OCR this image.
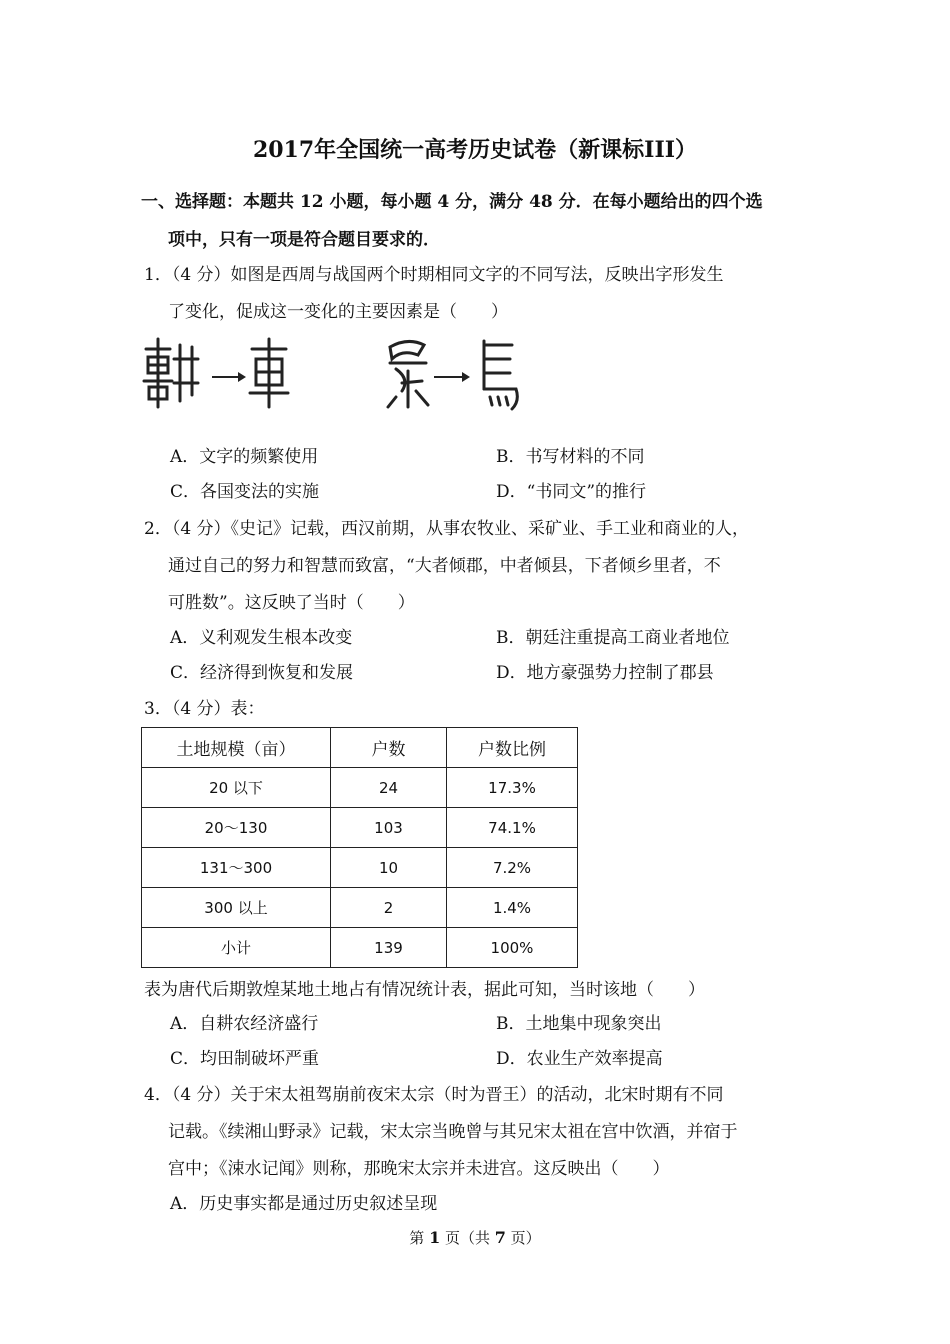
2017年全国统一高考历史试卷（新课标III）
一、选择题：本题共 12 小题，每小题 4 分，满分 48 分．在每小题给出的四个选
项中，只有一项是符合题目要求的．
1．（4 分）如图是西周与战国两个时期相同文字的不同写法，反映出字形发生
了变化，促成这一变化的主要因素是（　　）
A．文字的频繁使用	B．书写材料的不同
C．各国变法的实施	D．“书同文”的推行
2．（4 分）《史记》记载，西汉前期，从事农牧业、采矿业、手工业和商业的人，
通过自己的努力和智慧而致富，“大者倾郡，中者倾县，下者倾乡里者，不
可胜数”。这反映了当时（　　）
A．义利观发生根本改变	B．朝廷注重提高工商业者地位
C．经济得到恢复和发展	D．地方豪强势力控制了郡县
3．（4 分）表：
土地规模（亩）	户数	户数比例
20 以下	24	17.3%
20～130	103	74.1%
131～300	10	7.2%
300 以上	2	1.4%
小计	139	100%
表为唐代后期敦煌某地土地占有情况统计表，据此可知，当时该地（　　）
A．自耕农经济盛行	B．土地集中现象突出
C．均田制破坏严重	D．农业生产效率提高
4．（4 分）关于宋太祖驾崩前夜宋太宗（时为晋王）的活动，北宋时期有不同
记载。《续湘山野录》记载，宋太宗当晚曾与其兄宋太祖在宫中饮酒，并宿于
宫中；《涑水记闻》则称，那晚宋太宗并未进宫。这反映出（　　）
A．历史事实都是通过历史叙述呈现
第 1 页（共 7 页）
